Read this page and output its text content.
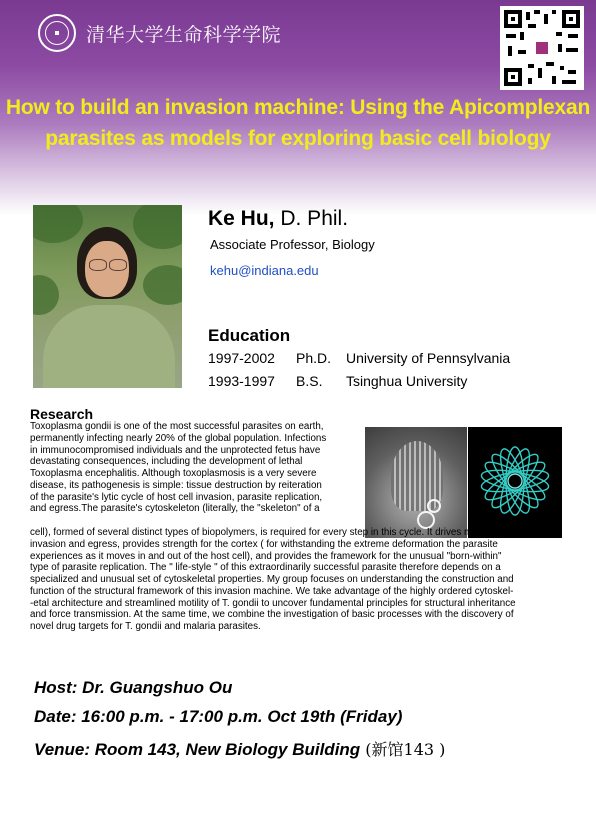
清华大学生命科学学院
How to build an invasion machine: Using the Apicomplexan
parasites as models for exploring basic cell biology
Ke Hu, D. Phil.
Associate Professor, Biology
kehu@indiana.edu
Education
1997-2002 Ph.D. University of Pennsylvania
1993-1997 B.S. Tsinghua University
Research

Toxoplasma gondii is one of the most successful parasites on earth,

permanently infecting nearly 20% of the global population. Infections

in immunocompromised individuals and the unprotected fetus have

devastating consequences, including the development of lethal

Toxoplasma encephalitis. Although toxoplasmosis is a very severe

disease, its pathogenesis is simple: tissue destruction by reiteration

of the parasite's lytic cycle of host cell invasion, parasite replication,

and egress.The parasite's cytoskeleton (literally, the "skeleton" of a

cell), formed of several distinct types of biopolymers, is required for every step in this cycle. It drives motility for

invasion and egress, provides strength for the cortex ( for withstanding the extreme deformation the parasite

experiences as it moves in and out of the host cell), and provides the framework for the unusual "born-within"

type of parasite replication. The " life-style " of this extraordinarily successful parasite therefore depends on a

specialized and unusual set of cytoskeletal properties. My group focuses on understanding the construction and

function of the structural framework of this invasion machine. We take advantage of the highly ordered cytoskel-

-etal architecture and streamlined motility of T. gondii to uncover fundamental principles for structural inheritance

and force transmission. At the same time, we combine the investigation of basic processes with the discovery of

novel drug targets for T. gondii and malaria parasites.

Host: Dr. Guangshuo Ou
Date: 16:00 p.m. - 17:00 p.m. Oct 19th (Friday)
Venue: Room 143, New Biology Building (新馆143 )
